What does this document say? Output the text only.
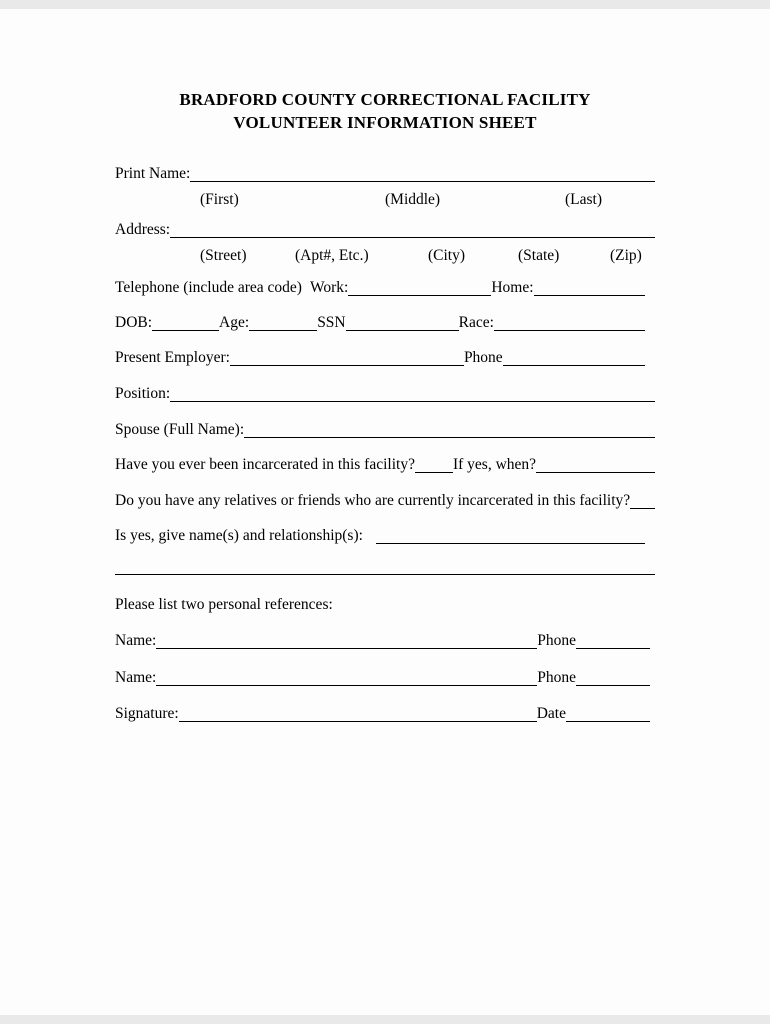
BRADFORD COUNTY CORRECTIONAL FACILITY
VOLUNTEER INFORMATION SHEET
Print Name:
(First)	(Middle)	(Last)
Address:
(Street)	(Apt#, Etc.)	(City)	(State)	(Zip)
Telephone (include area code) Work:	Home:
DOB:	Age:	SSN	Race:
Present Employer:	Phone
Position:
Spouse (Full Name):
Have you ever been incarcerated in this facility? If yes, when?
Do you have any relatives or friends who are currently incarcerated in this facility?
Is yes, give name(s) and relationship(s):
Please list two personal references:
Name:	Phone
Name:	Phone
Signature:	Date
